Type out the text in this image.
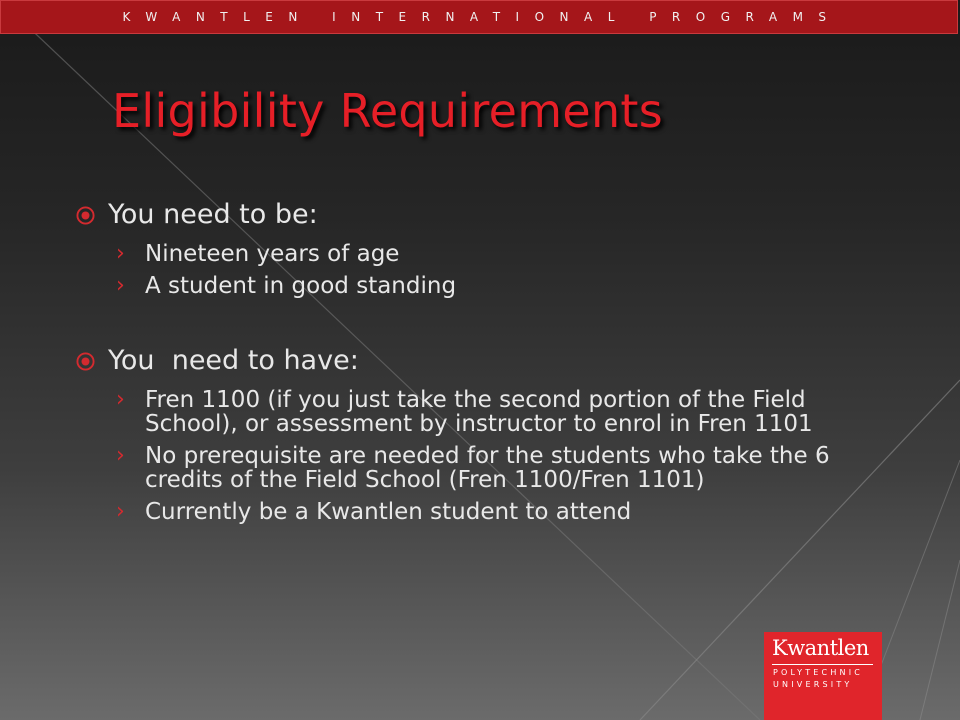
KWANTLEN INTERNATIONAL PROGRAMS
Eligibility Requirements

You need to be:

› Nineteen years of age
› A student in good standing

You  need to have:

› Fren 1100 (if you just take the second portion of the Field School), or assessment by instructor to enrol in Fren 1101
› No prerequisite are needed for the students who take the 6 credits of the Field School (Fren 1100/Fren 1101)
› Currently be a Kwantlen student to attend
Kwantlen
POLYTECHNIC
UNIVERSITY
